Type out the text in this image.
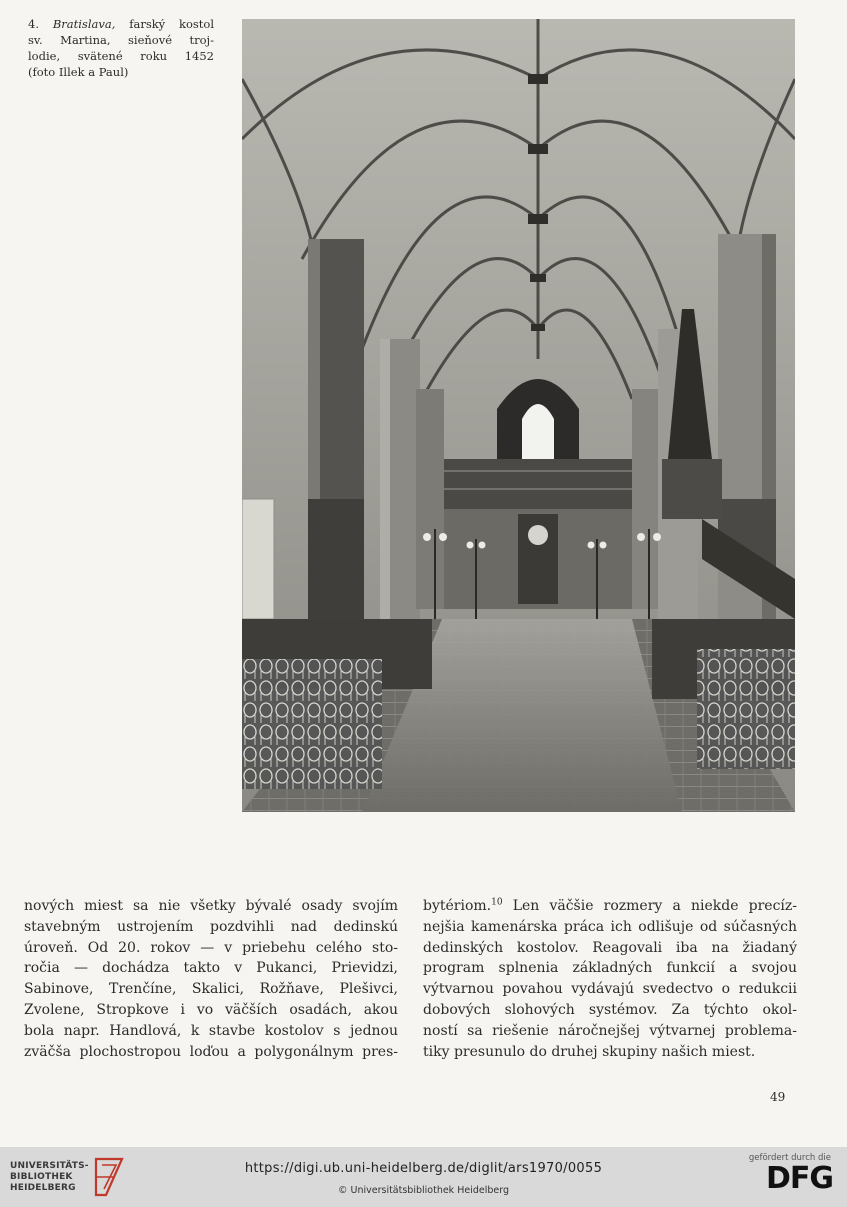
4. Bratislava, farský kostol
sv. Martina, sieňové troj-
lodie, svätené roku 1452
(foto Illek a Paul)
nových miest sa nie všetky bývalé osady svojím
stavebným ustrojením pozdvihli nad dedinskú
úroveň. Od 20. rokov — v priebehu celého sto-
ročia — dochádza takto v Pukanci, Prievidzi,
Sabinove, Trenčíne, Skalici, Rožňave, Plešivci,
Zvolene, Stropkove i vo väčších osadách, akou
bola napr. Handlová, k stavbe kostolov s jednou
zväčša plochostropou loďou a polygonálnym pres-
bytériom.$^{10}$ Len väčšie rozmery a niekde precíz-
nejšia kamenárska práca ich odlišuje od súčasných
dedinských kostolov. Reagovali iba na žiadaný
program splnenia základných funkcií a svojou
výtvarnou povahou vydávajú svedectvo o redukcii
dobových slohových systémov. Za týchto okol-
ností sa riešenie náročnejšej výtvarnej problema-
tiky presunulo do druhej skupiny našich miest.
49
UNIVERSITÄTS-
BIBLIOTHEK
HEIDELBERG
https://digi.ub.uni-heidelberg.de/diglit/ars1970/0055
© Universitätsbibliothek Heidelberg
gefördert durch die
DFG
